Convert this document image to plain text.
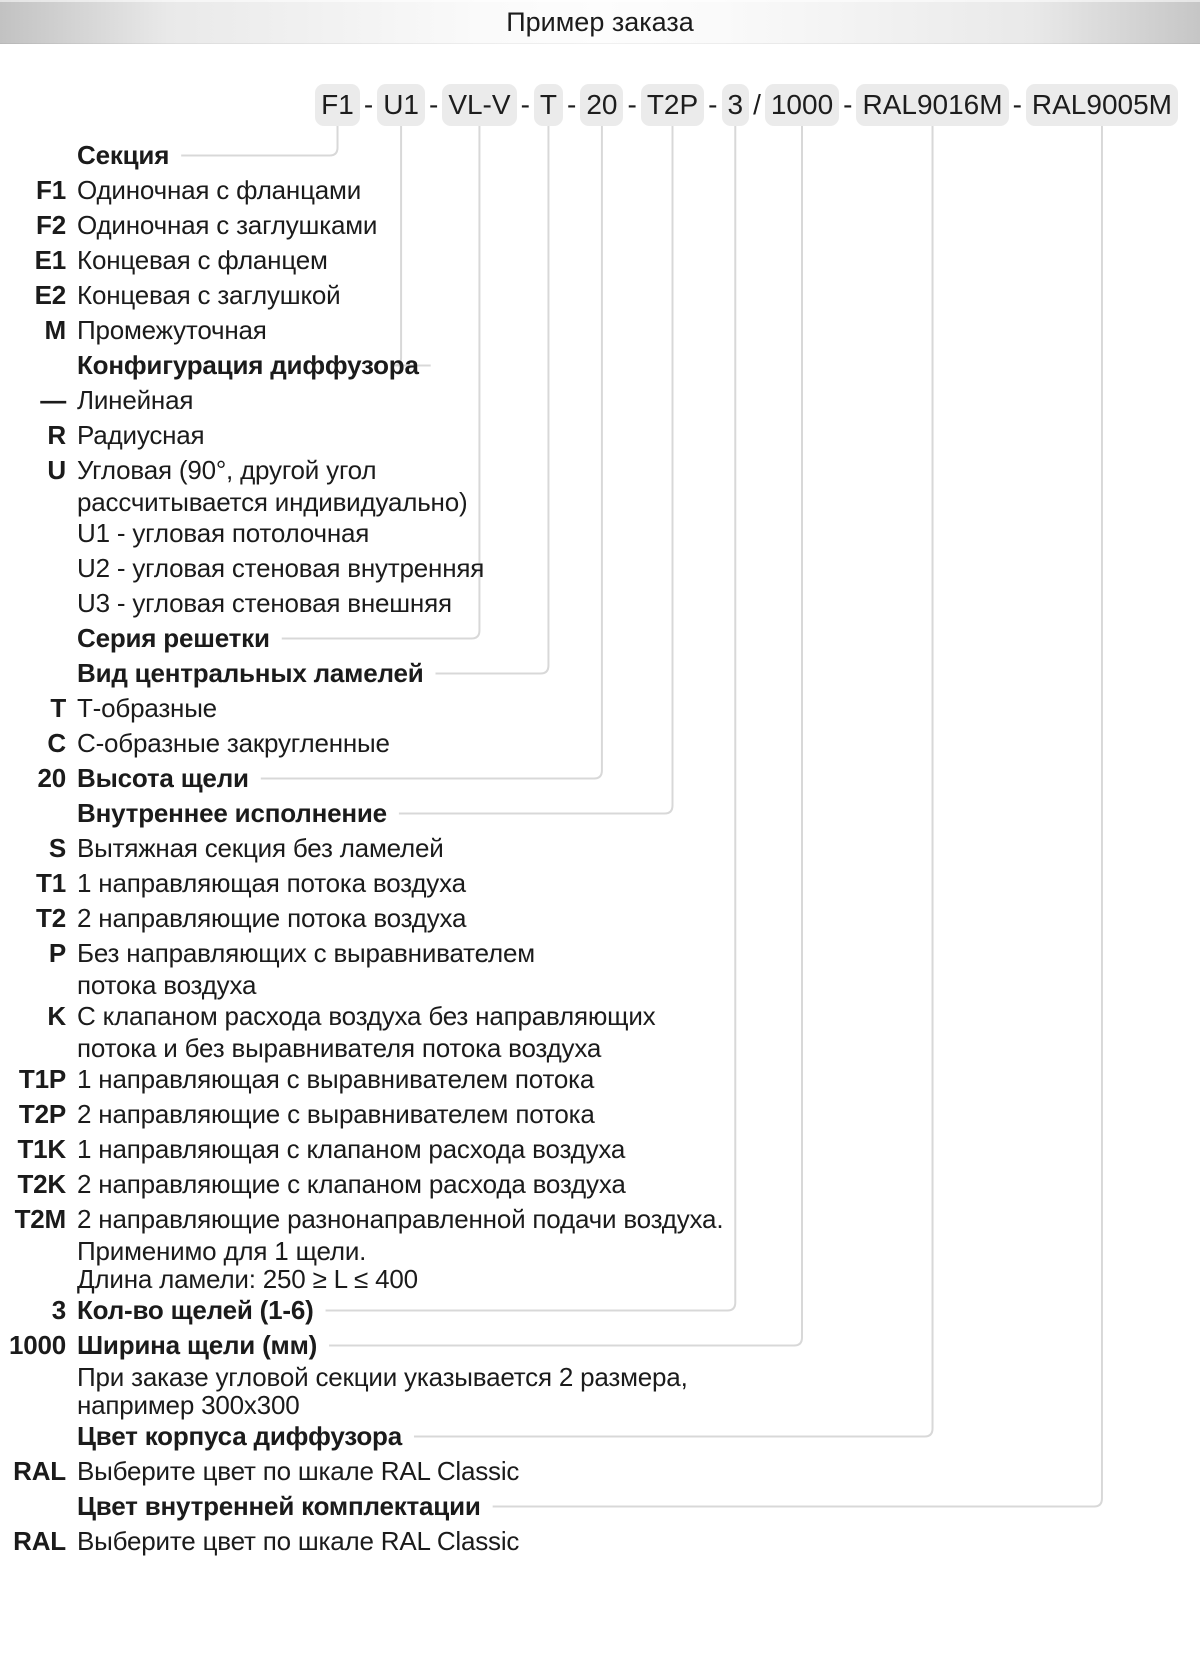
Пример заказа
F1 - U1 - VL-V - T - 20 - T2P - 3 / 1000 - RAL9016M - RAL9005M
Секция
F1 Одиночная с фланцами
F2 Одиночная с заглушками
E1 Концевая с фланцем
E2 Концевая с заглушкой
M Промежуточная
Конфигурация диффузора
— Линейная
R Радиусная
U Угловая (90°, другой угол
рассчитывается индивидуально)
U1 - угловая потолочная
U2 - угловая стеновая внутренняя
U3 - угловая стеновая внешняя
Серия решетки
Вид центральных ламелей
T Т-образные
C С-образные закругленные
20 Высота щели
Внутреннее исполнение
S Вытяжная секция без ламелей
T1 1 направляющая потока воздуха
T2 2 направляющие потока воздуха
P Без направляющих с выравнивателем
потока воздуха
K С клапаном расхода воздуха без направляющих
потока и без выравнивателя потока воздуха
T1P 1 направляющая с выравнивателем потока
T2P 2 направляющие с выравнивателем потока
T1K 1 направляющая с клапаном расхода воздуха
T2K 2 направляющие с клапаном расхода воздуха
T2M 2 направляющие разнонаправленной подачи воздуха.
Применимо для 1 щели.
Длина ламели: 250 ≥ L ≤ 400
3 Кол-во щелей (1-6)
1000 Ширина щели (мм)
При заказе угловой секции указывается 2 размера,
например 300х300
Цвет корпуса диффузора
RAL Выберите цвет по шкале RAL Classic
Цвет внутренней комплектации
RAL Выберите цвет по шкале RAL Classic
